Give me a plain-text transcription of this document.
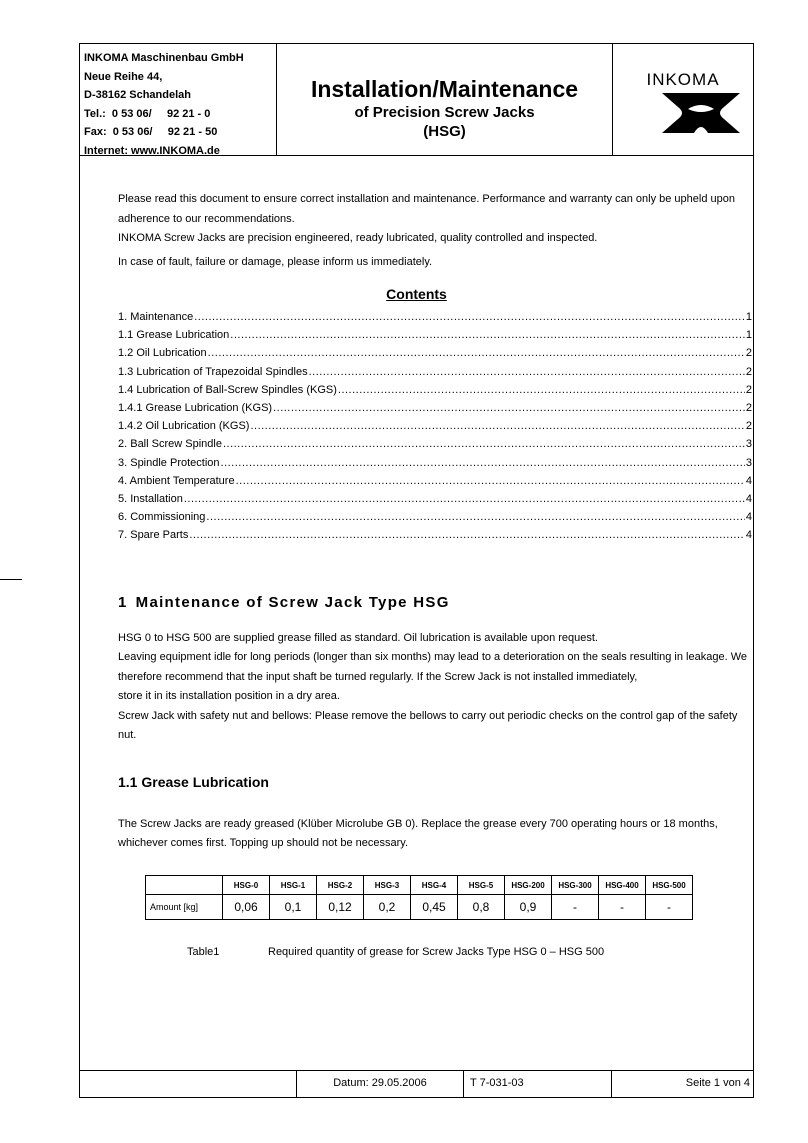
INKOMA Maschinenbau GmbH
Neue Reihe 44,
D-38162 Schandelah
Tel.:  0 53 06/     92 21 - 0
Fax:  0 53 06/     92 21 - 50
Internet: www.INKOMA.de
Installation/Maintenance
of Precision Screw Jacks
(HSG)
INKOMA

Please read this document to ensure correct installation and maintenance. Performance and warranty can only be upheld upon adherence to our recommendations.

INKOMA Screw Jacks are precision engineered, ready lubricated, quality controlled and inspected.

In case of fault, failure or damage, please inform us immediately.

Contents
1. Maintenance .....	1
1.1 Grease Lubrication .....	1
1.2 Oil Lubrication .....	2
1.3 Lubrication of Trapezoidal Spindles .....	2
1.4 Lubrication of Ball-Screw Spindles (KGS) .....	2
1.4.1 Grease Lubrication (KGS) .....	2
1.4.2 Oil Lubrication (KGS) .....	2
2. Ball Screw Spindle .....	3
3. Spindle Protection .....	3
4. Ambient Temperature .....	4
5. Installation .....	4
6. Commissioning .....	4
7. Spare Parts .....	4
1 Maintenance of Screw Jack Type HSG

HSG 0 to HSG 500 are supplied grease filled as standard. Oil lubrication is available upon request.

Leaving equipment idle for long periods (longer than six months) may lead to a deterioration on the seals resulting in leakage. We therefore recommend that the input shaft be turned regularly. If the Screw Jack is not installed immediately,

store it in its installation position in a dry area.

Screw Jack with safety nut and bellows: Please remove the bellows to carry out periodic checks on the control gap of the safety nut.

1.1 Grease Lubrication
The Screw Jacks are ready greased (Klüber Microlube GB 0). Replace the grease every 700 operating hours or 18 months, whichever comes first. Topping up should not be necessary.
	HSG-0	HSG-1	HSG-2	HSG-3	HSG-4	HSG-5	HSG-200	HSG-300	HSG-400	HSG-500
Amount [kg]	0,06	0,1	0,12	0,2	0,45	0,8	0,9	-	-	-
Table1	Required quantity of grease for Screw Jacks Type HSG 0 – HSG 500
Datum: 29.05.2006	T 7-031-03	Seite 1 von 4
